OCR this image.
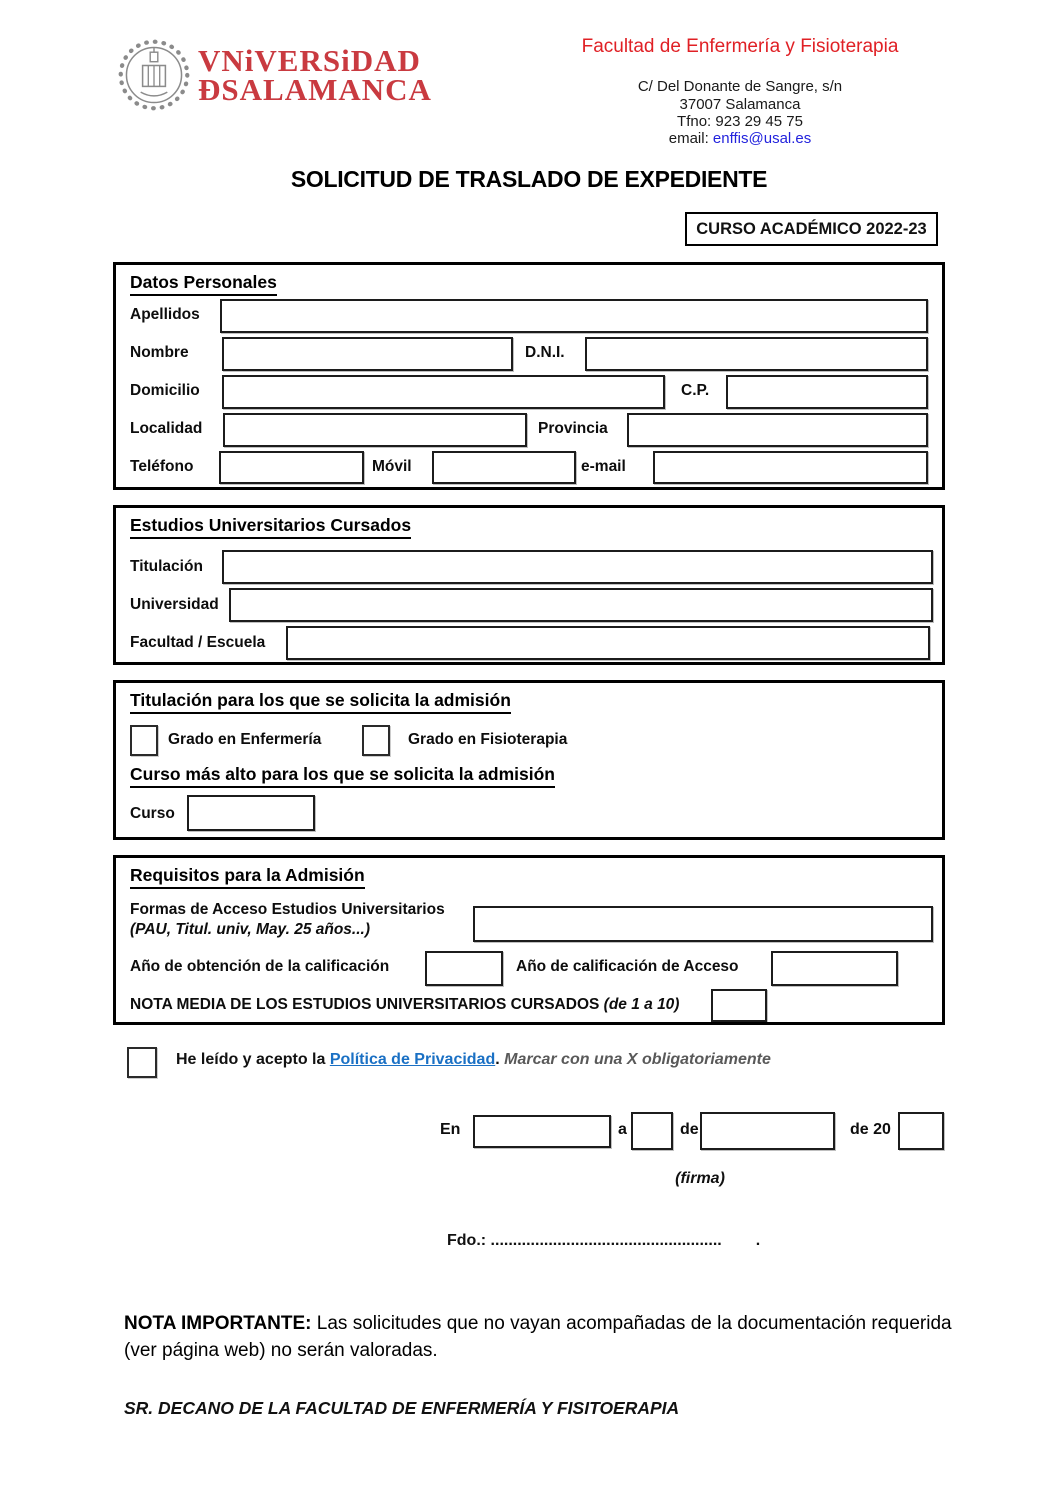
VNiVERSiDAD
ÐSALAMANCA
Facultad de Enfermería y Fisioterapia
C/ Del Donante de Sangre, s/n
37007 Salamanca
Tfno: 923 29 45 75
email: enffis@usal.es
SOLICITUD DE TRASLADO DE EXPEDIENTE
CURSO ACADÉMICO 2022-23
Datos Personales
Apellidos
Nombre	D.N.I.
Domicilio	C.P.
Localidad	Provincia
Teléfono	Móvil	e-mail
Estudios Universitarios Cursados
Titulación
Universidad
Facultad / Escuela
Titulación para los que se solicita la admisión
Grado en Enfermería	Grado en Fisioterapia
Curso más alto para los que se solicita la admisión
Curso
Requisitos para la Admisión
Formas de Acceso Estudios Universitarios
(PAU, Titul. univ, May. 25 años...)
Año de obtención de la calificación	Año de calificación de Acceso
NOTA MEDIA DE LOS ESTUDIOS UNIVERSITARIOS CURSADOS (de 1 a 10)
He leído y acepto la Política de Privacidad. Marcar con una X obligatoriamente
En	a	de	de 20
(firma)
Fdo.: .................................................... .
NOTA IMPORTANTE: Las solicitudes que no vayan acompañadas de la documentación requerida (ver página web) no serán valoradas.
SR. DECANO DE LA FACULTAD DE ENFERMERÍA Y FISITOERAPIA
